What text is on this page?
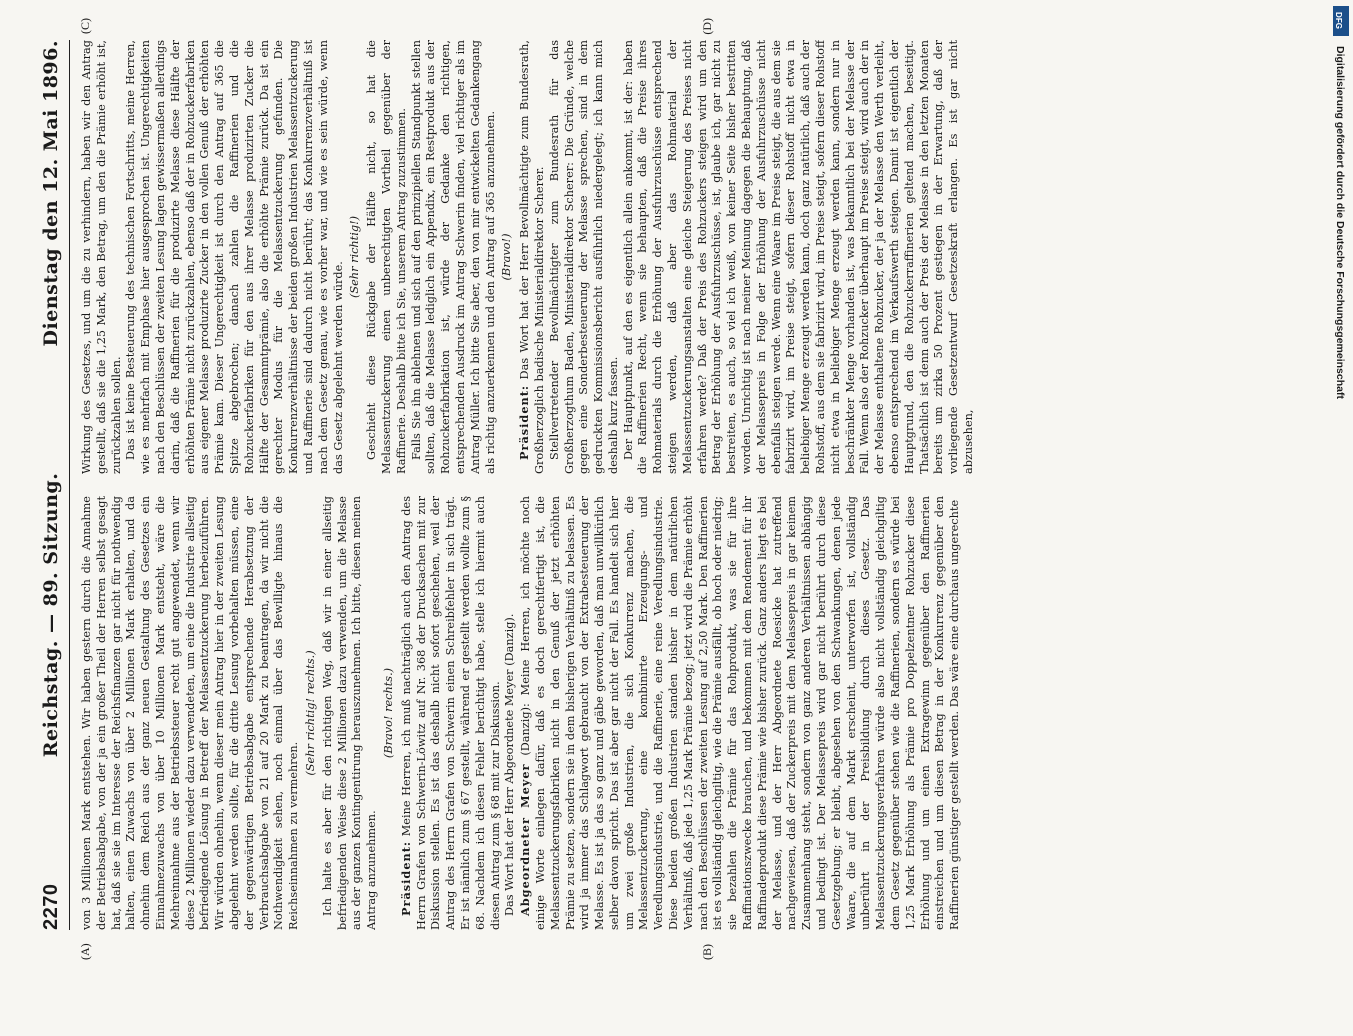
2270
Reichstag. — 89. Sitzung.
Dienstag den 12. Mai 1896.
(A)	(B)
(C)	(D)

von 3 Millionen Mark entstehen. Wir haben gestern durch die Annahme der Betriebsabgabe, von der ja ein großer Theil der Herren selbst gesagt hat, daß sie sie im Interesse der Reichsfinanzen gar nicht für nothwendig halten, einen Zuwachs von über 2 Millionen Mark erhalten, und da ohnehin dem Reich aus der ganz neuen Gestaltung des Gesetzes ein Einnahmezuwachs von über 10 Millionen Mark entsteht, wäre die Mehreinnahme aus der Betriebssteuer recht gut angewendet, wenn wir diese 2 Millionen wieder dazu verwendeten, um eine die Industrie allseitig befriedigende Lösung in Betreff der Melassentzuckerung herbeizuführen. Wir würden ohnehin, wenn dieser mein Antrag hier in der zweiten Lesung abgelehnt werden sollte, für die dritte Lesung vorbehalten müssen, eine der gegenwärtigen Betriebsabgabe entsprechende Herabsetzung der Verbrauchsabgabe von 21 auf 20 Mark zu beantragen, da wir nicht die Nothwendigkeit sehen, noch einmal über das Bewilligte hinaus die Reichseinnahmen zu vermehren.

(Sehr richtig! rechts.) Ich halte es aber für den richtigen Weg, daß wir in einer allseitig befriedigenden Weise diese 2 Millionen dazu verwenden, um die Melasse aus der ganzen Kontingentirung herauszunehmen. Ich bitte, diesen meinen Antrag anzunehmen.

(Bravo! rechts.)

Präsident: Meine Herren, ich muß nachträglich auch den Antrag des Herrn Grafen von Schwerin-Löwitz auf Nr. 368 der Drucksachen mit zur Diskussion stellen. Es ist das deshalb nicht sofort geschehen, weil der Antrag des Herrn Grafen von Schwerin einen Schreibfehler in sich trägt. Er ist nämlich zum § 67 gestellt, während er gestellt werden wollte zum § 68. Nachdem ich diesen Fehler berichtigt habe, stelle ich hiermit auch diesen Antrag zum § 68 mit zur Diskussion. Das Wort hat der Herr Abgeordnete Meyer (Danzig). Abgeordneter Meyer (Danzig): Meine Herren, ich möchte noch einige Worte einlegen dafür, daß es doch gerechtfertigt ist, die Melassentzuckerungsfabriken nicht in den Genuß der jetzt erhöhten Prämie zu setzen, sondern sie in dem bisherigen Verhältniß zu belassen. Es wird ja immer das Schlagwort gebraucht von der Extrabesteuerung der Melasse. Es ist ja das so ganz und gäbe geworden, daß man unwillkürlich selber davon spricht. Das ist aber gar nicht der Fall. Es handelt sich hier um zwei große Industrien, die sich Konkurrenz machen, die Melassentzuckerung, eine kombinirte Erzeugungs- und Veredlungsindustrie, und die Raffinerie, eine reine Veredlungsindustrie. Diese beiden großen Industrien standen bisher in dem natürlichen Verhältniß, daß jede 1,25 Mark Prämie bezog; jetzt wird die Prämie erhöht nach den Beschlüssen der zweiten Lesung auf 2,50 Mark. Den Raffinerien ist es vollständig gleichgiltig, wie die Prämie ausfällt, ob hoch oder niedrig; sie bezahlen die Prämie für das Rohprodukt, was sie für ihre Raffinationszwecke brauchen, und bekommen mit dem Rendement für ihr Raffinadeprodukt diese Prämie wie bisher zurück. Ganz anders liegt es bei der Melasse, und der Herr Abgeordnete Roesicke hat zutreffend nachgewiesen, daß der Zuckerpreis mit dem Melassepreis in gar keinem Zusammenhang steht, sondern von ganz anderen Verhältnissen abhängig und bedingt ist. Der Melassepreis wird gar nicht berührt durch diese Gesetzgebung; er bleibt, abgesehen von den Schwankungen, denen jede Waare, die auf dem Markt erscheint, unterworfen ist, vollständig unberührt in der Preisbildung durch dieses Gesetz. Das Melassentzuckerungsverfahren würde also nicht vollständig gleichgiltig dem Gesetz gegenüber stehen wie die Raffinerien, sondern es würde bei 1,25 Mark Erhöhung als Prämie pro Doppelzentner Rohzucker diese Erhöhung und um einen Extragewinn gegenüber den Raffinerien einstreichen und um diesen Betrag in der Konkurrenz gegenüber den Raffinerien günstiger gestellt werden. Das wäre eine durchaus ungerechte

Wirkung des Gesetzes, und um die zu verhindern, haben wir den Antrag gestellt, daß sie die 1,25 Mark, den Betrag, um den die Prämie erhöht ist, zurückzahlen sollen. Das ist keine Besteuerung des technischen Fortschritts, meine Herren, wie es mehrfach mit Emphase hier ausgesprochen ist. Ungerechtigkeiten nach den Beschlüssen der zweiten Lesung lagen gewissermaßen allerdings darin, daß die Raffinerien für die produzirte Melasse diese Hälfte der erhöhten Prämie nicht zurückzahlen, ebenso daß der in Rohzuckerfabriken aus eigener Melasse produzirte Zucker in den vollen Genuß der erhöhten Prämie kam. Dieser Ungerechtigkeit ist durch den Antrag auf 365 die Spitze abgebrochen; danach zahlen die Raffinerien und die Rohzuckerfabriken für den aus ihrer Melasse produzirten Zucker die Hälfte der Gesammtprämie, also die erhöhte Prämie zurück. Da ist ein gerechter Modus für die Melassentzuckerung gefunden. Die Konkurrenzverhältnisse der beiden großen Industrien Melassentzuckerung und Raffinerie sind dadurch nicht berührt; das Konkurrenzverhältniß ist nach dem Gesetz genau, wie es vorher war, und wie es sein würde, wenn das Gesetz abgelehnt werden würde.

(Sehr richtig!) Geschieht diese Rückgabe der Hälfte nicht, so hat die Melassentzuckerung einen unberechtigten Vortheil gegenüber der Raffinerie. Deshalb bitte ich Sie, unserem Antrag zuzustimmen. Falls Sie ihn ablehnen und sich auf den prinzipiellen Standpunkt stellen sollten, daß die Melasse lediglich ein Appendix, ein Restprodukt aus der Rohzuckerfabrikation ist, würde der Gedanke den richtigen, entsprechenden Ausdruck im Antrag Schwerin finden, viel richtiger als im Antrag Müller. Ich bitte Sie aber, den von mir entwickelten Gedankengang als richtig anzuerkennen und den Antrag auf 365 anzunehmen. (Bravo!)

Präsident: Das Wort hat der Herr Bevollmächtigte zum Bundesrath, Großherzoglich badische Ministerialdirektor Scherer. Stellvertretender Bevollmächtigter zum Bundesrath für das Großherzogthum Baden, Ministerialdirektor Scherer: Die Gründe, welche gegen eine Sonderbesteuerung der Melasse sprechen, sind in dem gedruckten Kommissionsbericht ausführlich niedergelegt; ich kann mich deshalb kurz fassen. Der Hauptpunkt, auf den es eigentlich allein ankommt, ist der: haben die Raffinerien Recht, wenn sie behaupten, daß die Preise ihres Rohmaterials durch die Erhöhung der Ausfuhrzuschüsse entsprechend steigen werden, daß aber das Rohmaterial der Melassentzuckerungsanstalten eine gleiche Steigerung des Preises nicht erfahren werde? Daß der Preis des Rohzuckers steigen wird um den Betrag der Erhöhung der Ausfuhrzuschüsse, ist, glaube ich, gar nicht zu bestreiten, es auch, so viel ich weiß, von keiner Seite bisher bestritten worden. Unrichtig ist nach meiner Meinung dagegen die Behauptung, daß der Melassepreis in Folge der Erhöhung der Ausfuhrzuschüsse nicht ebenfalls steigen werde. Wenn eine Waare im Preise steigt, die aus dem sie fabrizirt wird, im Preise steigt, sofern dieser Rohstoff nicht etwa in beliebiger Menge erzeugt werden kann, doch ganz natürlich, daß auch der Rohstoff, aus dem sie fabrizirt wird, im Preise steigt, sofern dieser Rohstoff nicht etwa in beliebiger Menge erzeugt werden kann, sondern nur in beschränkter Menge vorhanden ist, was bekanntlich bei der Melasse der Fall. Wenn also der Rohzucker überhaupt im Preise steigt, wird auch der in der Melasse enthaltene Rohzucker, der ja der Melasse den Werth verleiht, ebenso entsprechend im Verkaufswerth steigen. Damit ist eigentlich der Hauptgrund, den die Rohzuckerraffinerien geltend machen, beseitigt. Thatsächlich ist denn auch der Preis der Melasse in den letzten Monaten bereits um zirka 50 Prozent gestiegen in der Erwartung, daß der vorliegende Gesetzentwurf Gesetzeskraft erlangen. Es ist gar nicht abzusehen,

Digitalisierung gefördert durch die Deutsche Forschungsgemeinschaft
DFG
